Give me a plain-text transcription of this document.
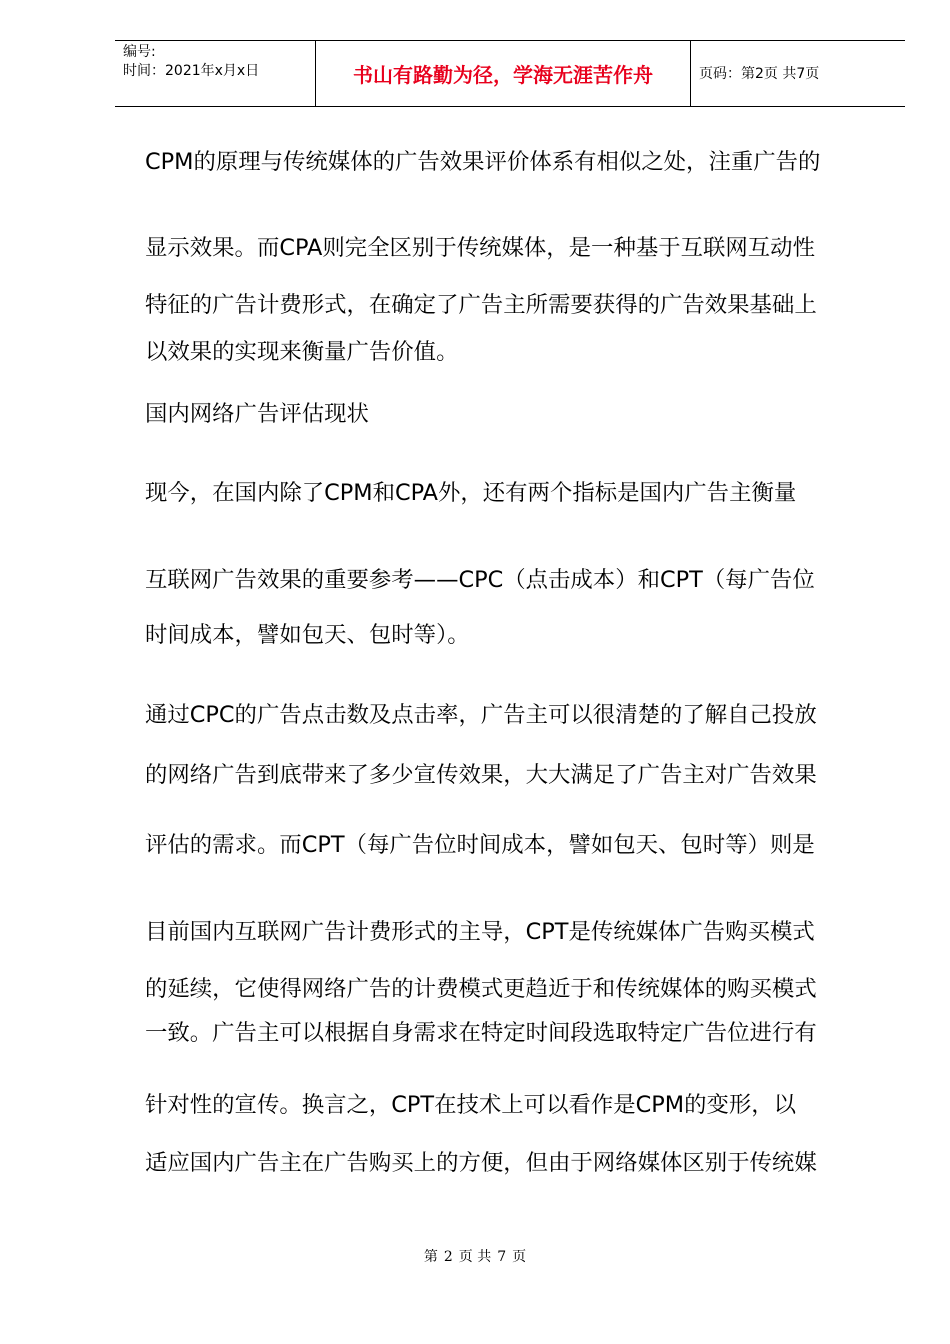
编号:
时间：2021年x月x日	书山有路勤为径，学海无涯苦作舟	页码：第2页 共7页
CPM的原理与传统媒体的广告效果评价体系有相似之处，注重广告的
显示效果。而CPA则完全区别于传统媒体，是一种基于互联网互动性
特征的广告计费形式，在确定了广告主所需要获得的广告效果基础上
以效果的实现来衡量广告价值。
国内网络广告评估现状
现今，在国内除了CPM和CPA外，还有两个指标是国内广告主衡量
互联网广告效果的重要参考——CPC（点击成本）和CPT（每广告位
时间成本，譬如包天、包时等）。
通过CPC的广告点击数及点击率，广告主可以很清楚的了解自己投放
的网络广告到底带来了多少宣传效果，大大满足了广告主对广告效果
评估的需求。而CPT（每广告位时间成本，譬如包天、包时等）则是
目前国内互联网广告计费形式的主导，CPT是传统媒体广告购买模式
的延续，它使得网络广告的计费模式更趋近于和传统媒体的购买模式
一致。广告主可以根据自身需求在特定时间段选取特定广告位进行有
针对性的宣传。换言之，CPT在技术上可以看作是CPM的变形，以
适应国内广告主在广告购买上的方便，但由于网络媒体区别于传统媒
第 2 页 共 7 页
